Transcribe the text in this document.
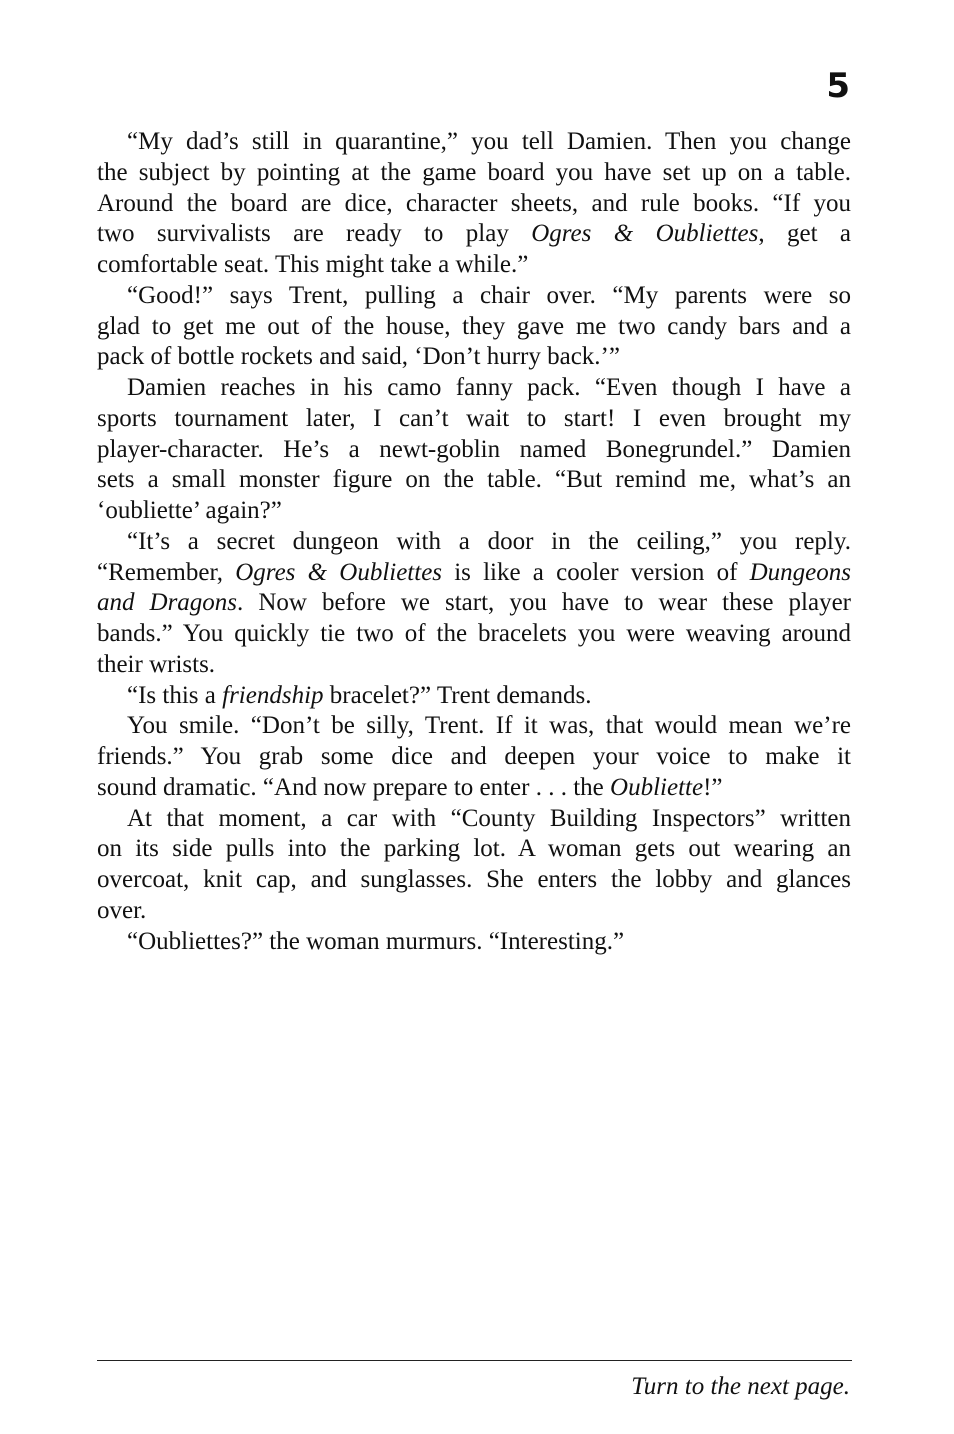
5
“My dad’s still in quarantine,” you tell Damien. Then you change
the subject by pointing at the game board you have set up on a table.
Around the board are dice, character sheets, and rule books. “If you
two survivalists are ready to play Ogres & Oubliettes, get a
comfortable seat. This might take a while.”
“Good!” says Trent, pulling a chair over. “My parents were so
glad to get me out of the house, they gave me two candy bars and a
pack of bottle rockets and said, ‘Don’t hurry back.’”
Damien reaches in his camo fanny pack. “Even though I have a
sports tournament later, I can’t wait to start! I even brought my
player-character. He’s a newt-goblin named Bonegrundel.” Damien
sets a small monster figure on the table. “But remind me, what’s an
‘oubliette’ again?”
“It’s a secret dungeon with a door in the ceiling,” you reply.
“Remember, Ogres & Oubliettes is like a cooler version of Dungeons
and Dragons. Now before we start, you have to wear these player
bands.” You quickly tie two of the bracelets you were weaving around
their wrists.
“Is this a friendship bracelet?” Trent demands.
You smile. “Don’t be silly, Trent. If it was, that would mean we’re
friends.” You grab some dice and deepen your voice to make it
sound dramatic. “And now prepare to enter . . . the Oubliette!”
At that moment, a car with “County Building Inspectors” written
on its side pulls into the parking lot. A woman gets out wearing an
overcoat, knit cap, and sunglasses. She enters the lobby and glances
over.
“Oubliettes?” the woman murmurs. “Interesting.”
Turn to the next page.
